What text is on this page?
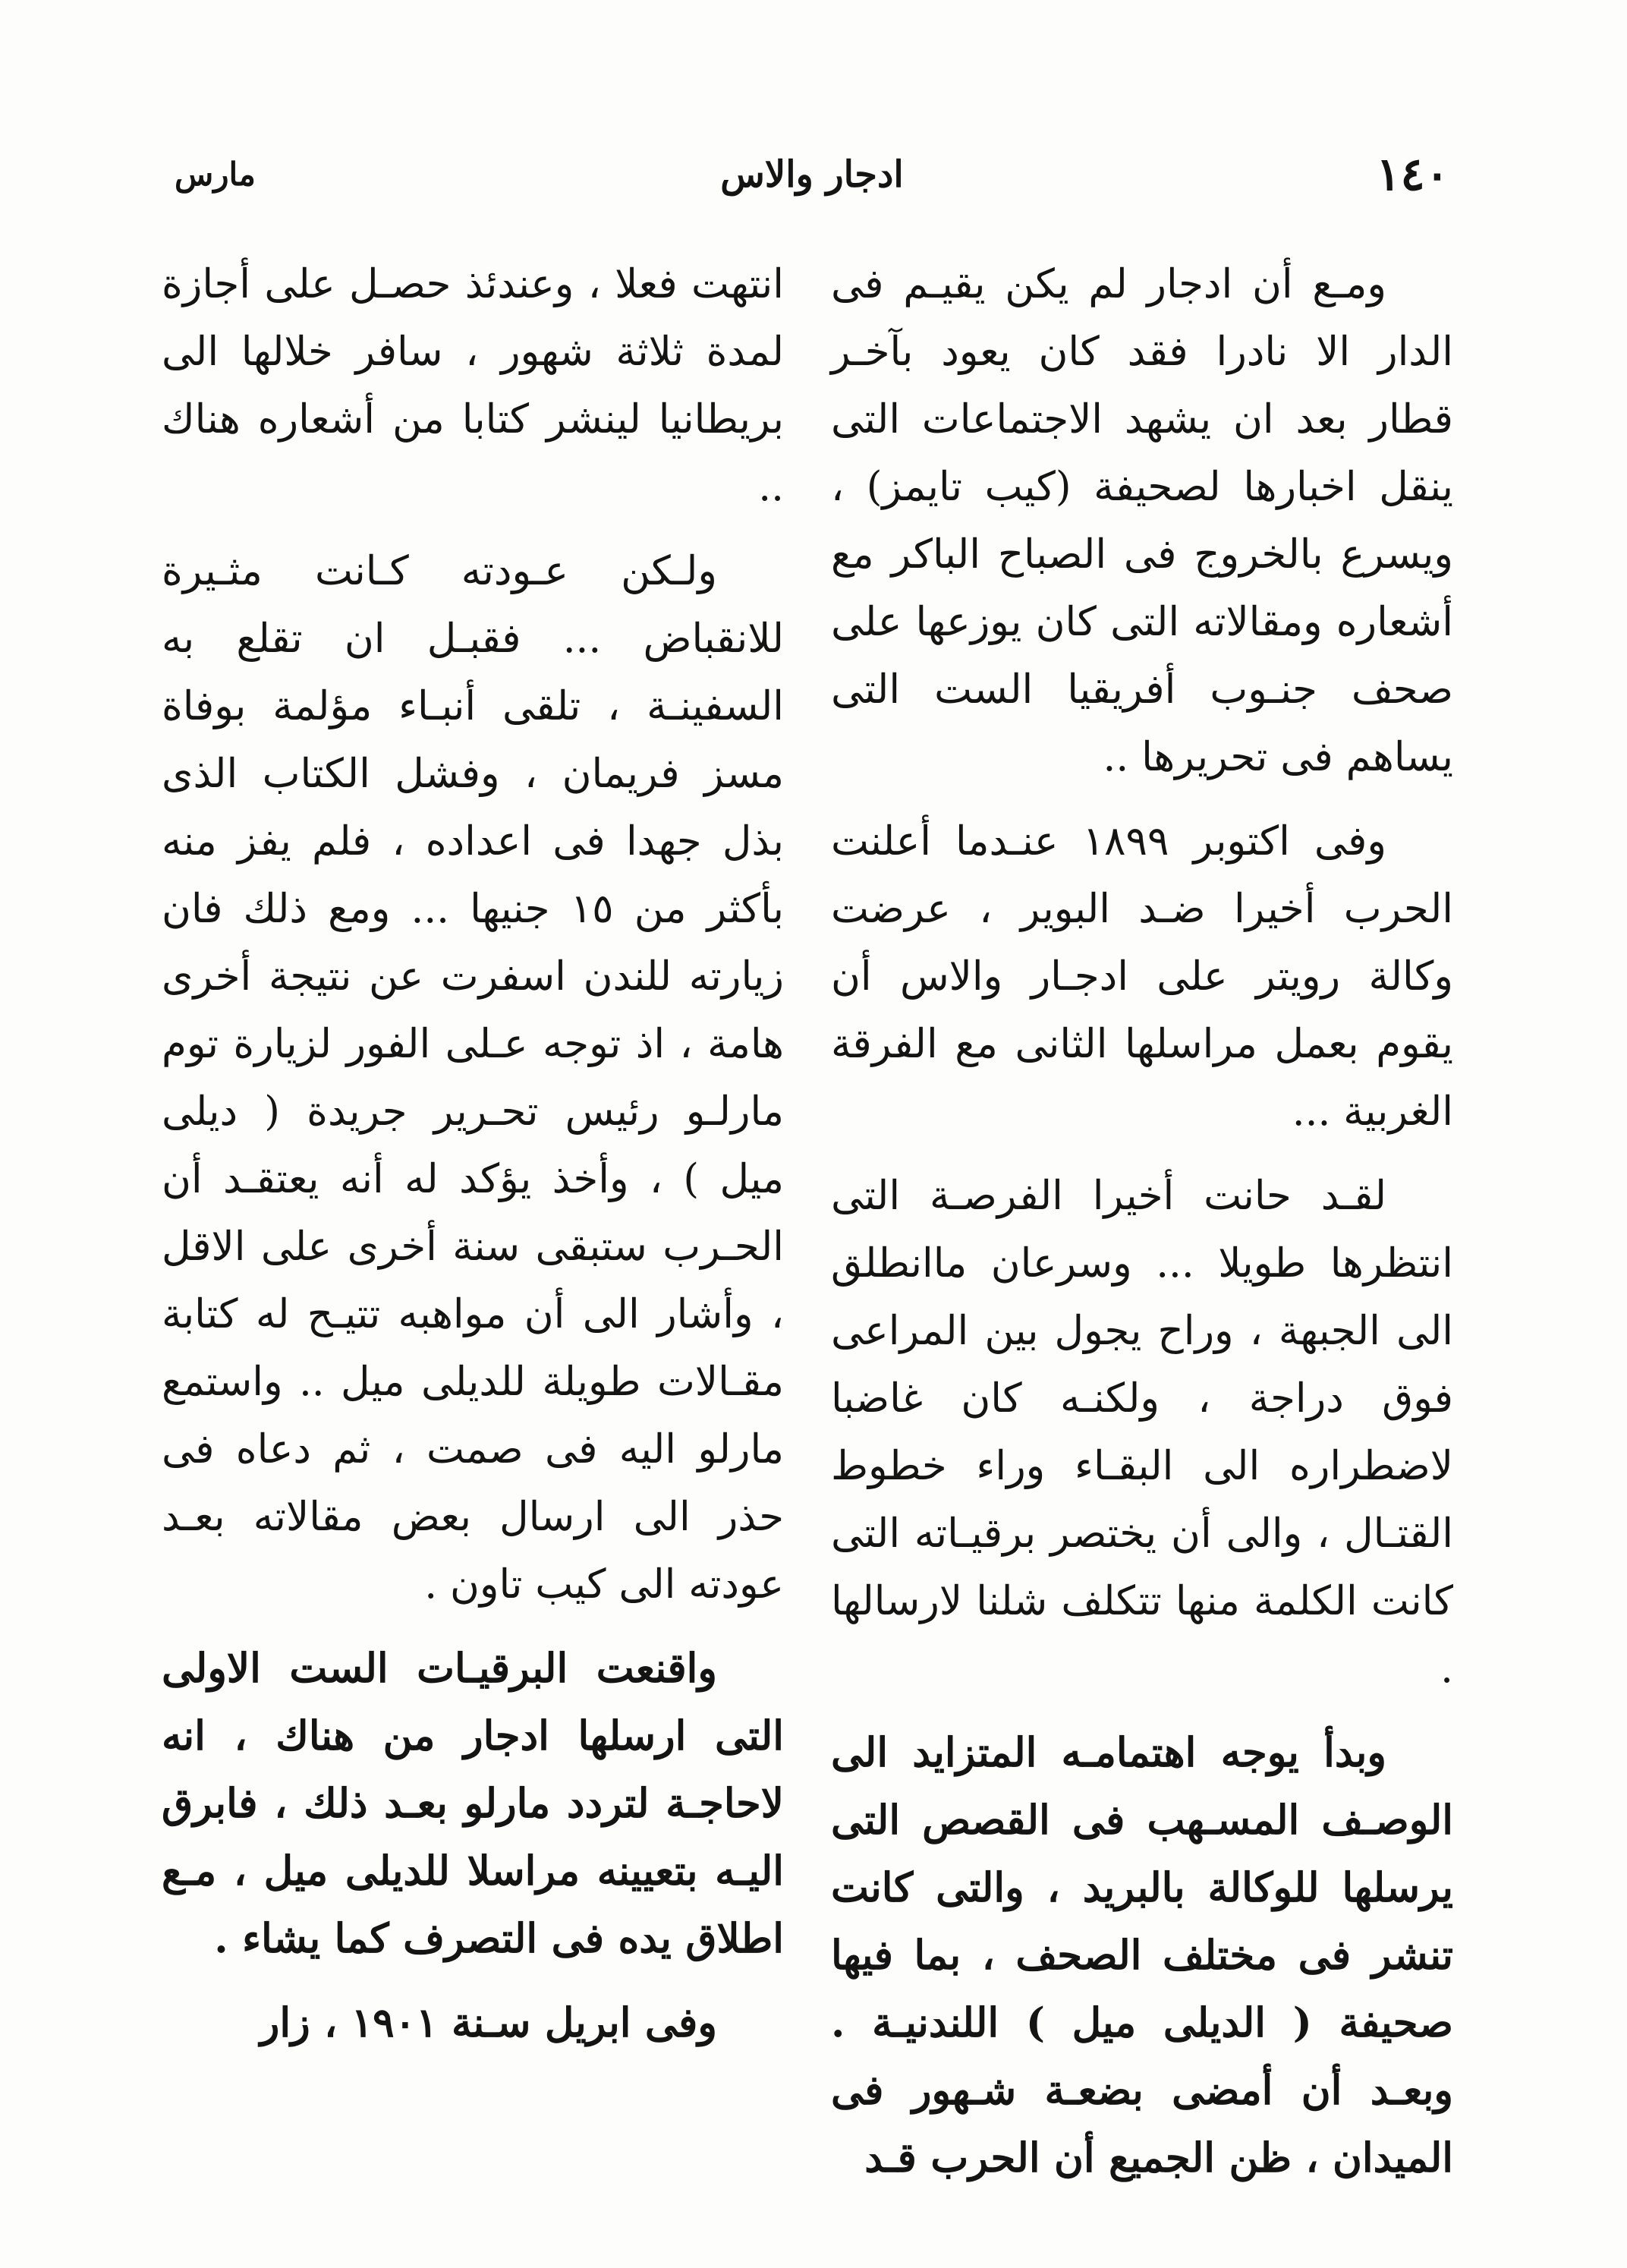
١٤٠
ادجار والاس
مارس

ومـع أن ادجار لم يكن يقيـم فى الدار الا نادرا فقد كان يعود بآخـر قطار بعد ان يشهد الاجتماعات التى ينقل اخبارها لصحيفة (كيب تايمز) ، ويسرع بالخروج فى الصباح الباكر مع أشعاره ومقالاته التى كان يوزعها على صحف جنـوب أفريقيا الست التى يساهم فى تحريرها ..

وفى اكتوبر ١٨٩٩ عنـدما أعلنت الحرب أخيرا ضـد البوير ، عرضت وكالة رويتر على ادجـار والاس أن يقوم بعمل مراسلها الثانى مع الفرقة الغربية ...

لقـد حانت أخيرا الفرصـة التى انتظرها طويلا ... وسرعان ماانطلق الى الجبهة ، وراح يجول بين المراعى فوق دراجة ، ولكنـه كان غاضبا لاضطراره الى البقـاء وراء خطوط القتـال ، والى أن يختصر برقيـاته التى كانت الكلمة منها تتكلف شلنا لارسالها .

وبدأ يوجه اهتمامـه المتزايد الى الوصـف المسـهب فى القصص التى يرسلها للوكالة بالبريد ، والتى كانت تنشر فى مختلف الصحف ، بما فيها صحيفة ( الديلى ميل ) اللندنيـة . وبعـد أن أمضى بضعـة شـهور فى الميدان ، ظن الجميع أن الحرب قـد

انتهت فعلا ، وعندئذ حصـل على أجازة لمدة ثلاثة شهور ، سافر خلالها الى بريطانيا لينشر كتابا من أشعاره هناك ..

ولـكن عـودته كـانت مثـيرة للانقباض ... فقبـل ان تقلع به السفينـة ، تلقى أنبـاء مؤلمة بوفاة مسز فريمان ، وفشل الكتاب الذى بذل جهدا فى اعداده ، فلم يفز منه بأكثر من ١٥ جنيها ... ومع ذلك فان زيارته للندن اسفرت عن نتيجة أخرى هامة ، اذ توجه عـلى الفور لزيارة توم مارلـو رئيس تحـرير جريدة ( ديلى ميل ) ، وأخذ يؤكد له أنه يعتقـد أن الحـرب ستبقى سنة أخرى على الاقل ، وأشار الى أن مواهبه تتيـح له كتابة مقـالات طويلة للديلى ميل .. واستمع مارلو اليه فى صمت ، ثم دعاه فى حذر الى ارسال بعض مقالاته بعـد عودته الى كيب تاون .

واقنعت البرقيـات الست الاولى التى ارسلها ادجار من هناك ، انه لاحاجـة لتردد مارلو بعـد ذلك ، فابرق اليـه بتعيينه مراسلا للديلى ميل ، مـع اطلاق يده فى التصرف كما يشاء .

وفى ابريل سـنة ١٩٠١ ، زار
